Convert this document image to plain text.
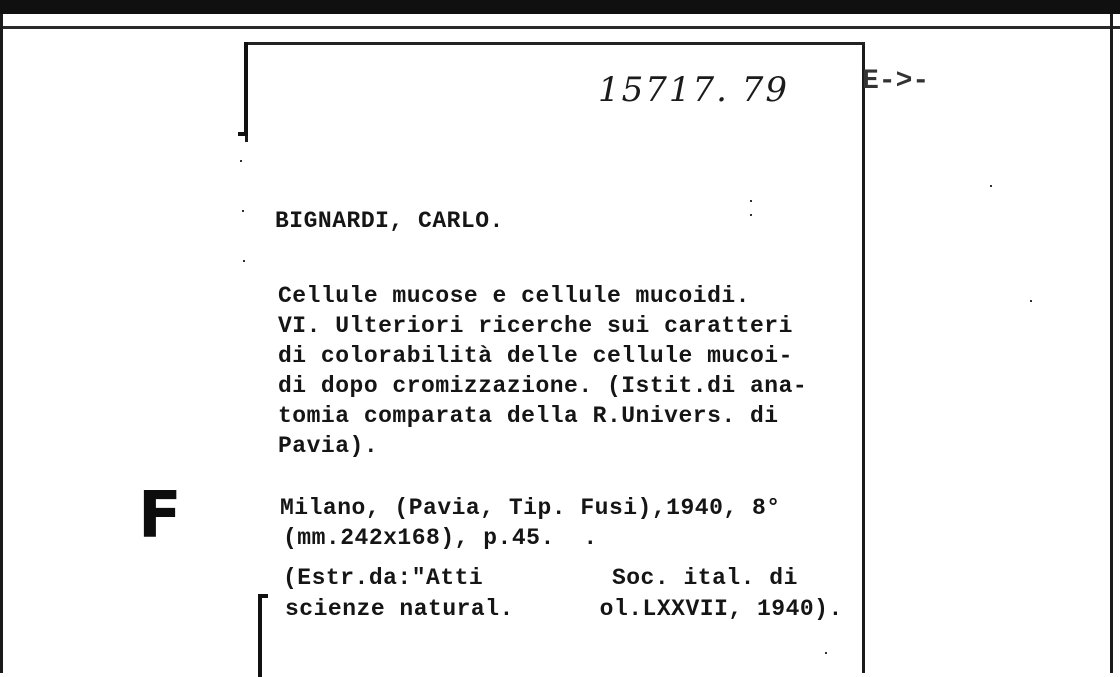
15717. 79	E->-
BIGNARDI, CARLO.
Cellule mucose e cellule mucoidi.
VI. Ulteriori ricerche sui caratteri
di colorabilità delle cellule mucoi-
di dopo cromizzazione. (Istit.di ana-
tomia comparata della R.Univers. di
Pavia).
F	Milano, (Pavia, Tip. Fusi),1940, 8°
(mm.242x168), p.45.  .
(Estr.da:"Atti         Soc. ital. di
scienze natural.      ol.LXXVII, 1940).
